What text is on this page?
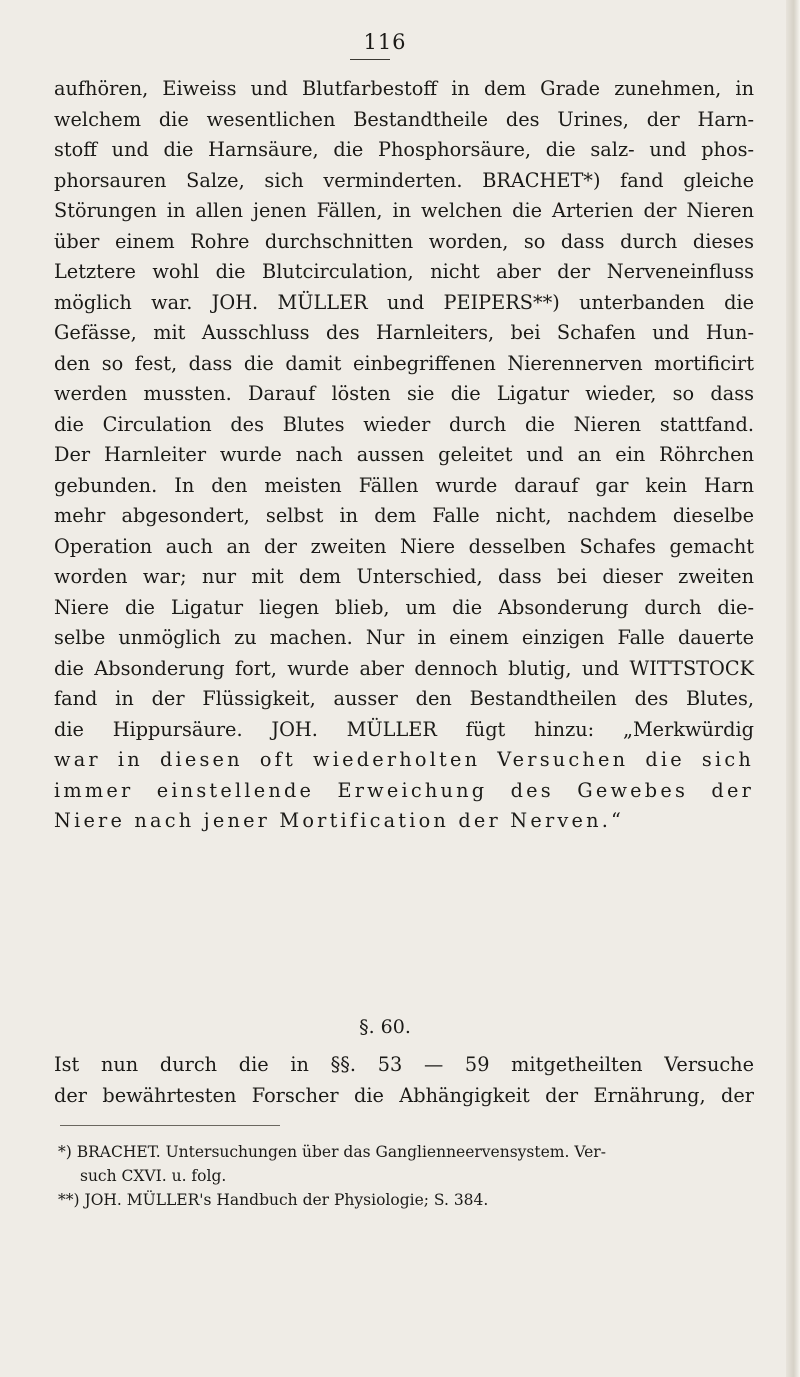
116
aufhören, Eiweiss und Blutfarbestoff in dem Grade zunehmen, in
welchem die wesentlichen Bestandtheile des Urines, der Harn-
stoff und die Harnsäure, die Phosphorsäure, die salz- und phos-
phorsauren Salze, sich verminderten. BRACHET*) fand gleiche
Störungen in allen jenen Fällen, in welchen die Arterien der Nieren
über einem Rohre durchschnitten worden, so dass durch dieses
Letztere wohl die Blutcirculation, nicht aber der Nerveneinfluss
möglich war. JOH. MÜLLER und PEIPERS**) unterbanden die
Gefässe, mit Ausschluss des Harnleiters, bei Schafen und Hun-
den so fest, dass die damit einbegriffenen Nierennerven mortificirt
werden mussten. Darauf lösten sie die Ligatur wieder, so dass
die Circulation des Blutes wieder durch die Nieren stattfand.
Der Harnleiter wurde nach aussen geleitet und an ein Röhrchen
gebunden. In den meisten Fällen wurde darauf gar kein Harn
mehr abgesondert, selbst in dem Falle nicht, nachdem dieselbe
Operation auch an der zweiten Niere desselben Schafes gemacht
worden war; nur mit dem Unterschied, dass bei dieser zweiten
Niere die Ligatur liegen blieb, um die Absonderung durch die-
selbe unmöglich zu machen. Nur in einem einzigen Falle dauerte
die Absonderung fort, wurde aber dennoch blutig, und WITTSTOCK
fand in der Flüssigkeit, ausser den Bestandtheilen des Blutes,
die Hippursäure. JOH. MÜLLER fügt hinzu: „Merkwürdig
war in diesen oft wiederholten Versuchen die sich
immer einstellende Erweichung des Gewebes der
Niere nach jener Mortification der Nerven.“
§. 60.
Ist nun durch die in §§. 53 — 59 mitgetheilten Versuche
der bewährtesten Forscher die Abhängigkeit der Ernährung, der
*) BRACHET. Untersuchungen über das Ganglienneervensystem. Ver-
such CXVI. u. folg.
**) JOH. MÜLLER's Handbuch der Physiologie; S. 384.
